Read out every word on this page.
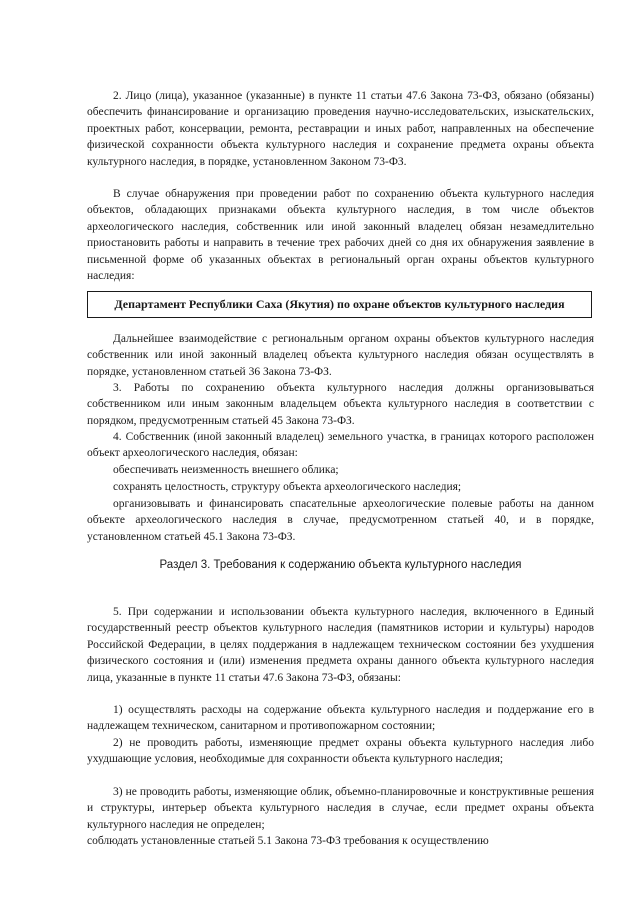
2. Лицо (лица), указанное (указанные) в пункте 11 статьи 47.6 Закона 73-ФЗ, обязано (обязаны) обеспечить финансирование и организацию проведения научно-исследовательских, изыскательских, проектных работ, консервации, ремонта, реставрации и иных работ, направленных на обеспечение физической сохранности объекта культурного наследия и сохранение предмета охраны объекта культурного наследия, в порядке, установленном Законом 73-ФЗ.

В случае обнаружения при проведении работ по сохранению объекта культурного наследия объектов, обладающих признаками объекта культурного наследия, в том числе объектов археологического наследия, собственник или иной законный владелец обязан незамедлительно приостановить работы и направить в течение трех рабочих дней со дня их обнаружения заявление в письменной форме об указанных объектах в региональный орган охраны объектов культурного наследия:

Департамент Республики Саха (Якутия) по охране объектов культурного наследия

Дальнейшее взаимодействие с региональным органом охраны объектов культурного наследия собственник или иной законный владелец объекта культурного наследия обязан осуществлять в порядке, установленном статьей 36 Закона 73-ФЗ.

3. Работы по сохранению объекта культурного наследия должны организовываться собственником или иным законным владельцем объекта культурного наследия в соответствии с порядком, предусмотренным статьей 45 Закона 73-ФЗ.

4. Собственник (иной законный владелец) земельного участка, в границах которого расположен объект археологического наследия, обязан:

обеспечивать неизменность внешнего облика;

сохранять целостность, структуру объекта археологического наследия;

организовывать и финансировать спасательные археологические полевые работы на данном объекте археологического наследия в случае, предусмотренном статьей 40, и в порядке, установленном статьей 45.1 Закона 73-ФЗ.

Раздел 3. Требования к содержанию объекта культурного наследия

5. При содержании и использовании объекта культурного наследия, включенного в Единый государственный реестр объектов культурного наследия (памятников истории и культуры) народов Российской Федерации, в целях поддержания в надлежащем техническом состоянии без ухудшения физического состояния и (или) изменения предмета охраны данного объекта культурного наследия лица, указанные в пункте 11 статьи 47.6 Закона 73-ФЗ, обязаны:

1) осуществлять расходы на содержание объекта культурного наследия и поддержание его в надлежащем техническом, санитарном и противопожарном состоянии;

2) не проводить работы, изменяющие предмет охраны объекта культурного наследия либо ухудшающие условия, необходимые для сохранности объекта культурного наследия;

3) не проводить работы, изменяющие облик, объемно-планировочные и конструктивные решения и структуры, интерьер объекта культурного наследия в случае, если предмет охраны объекта культурного наследия не определен;

соблюдать установленные статьей 5.1 Закона 73-ФЗ требования к осуществлению
